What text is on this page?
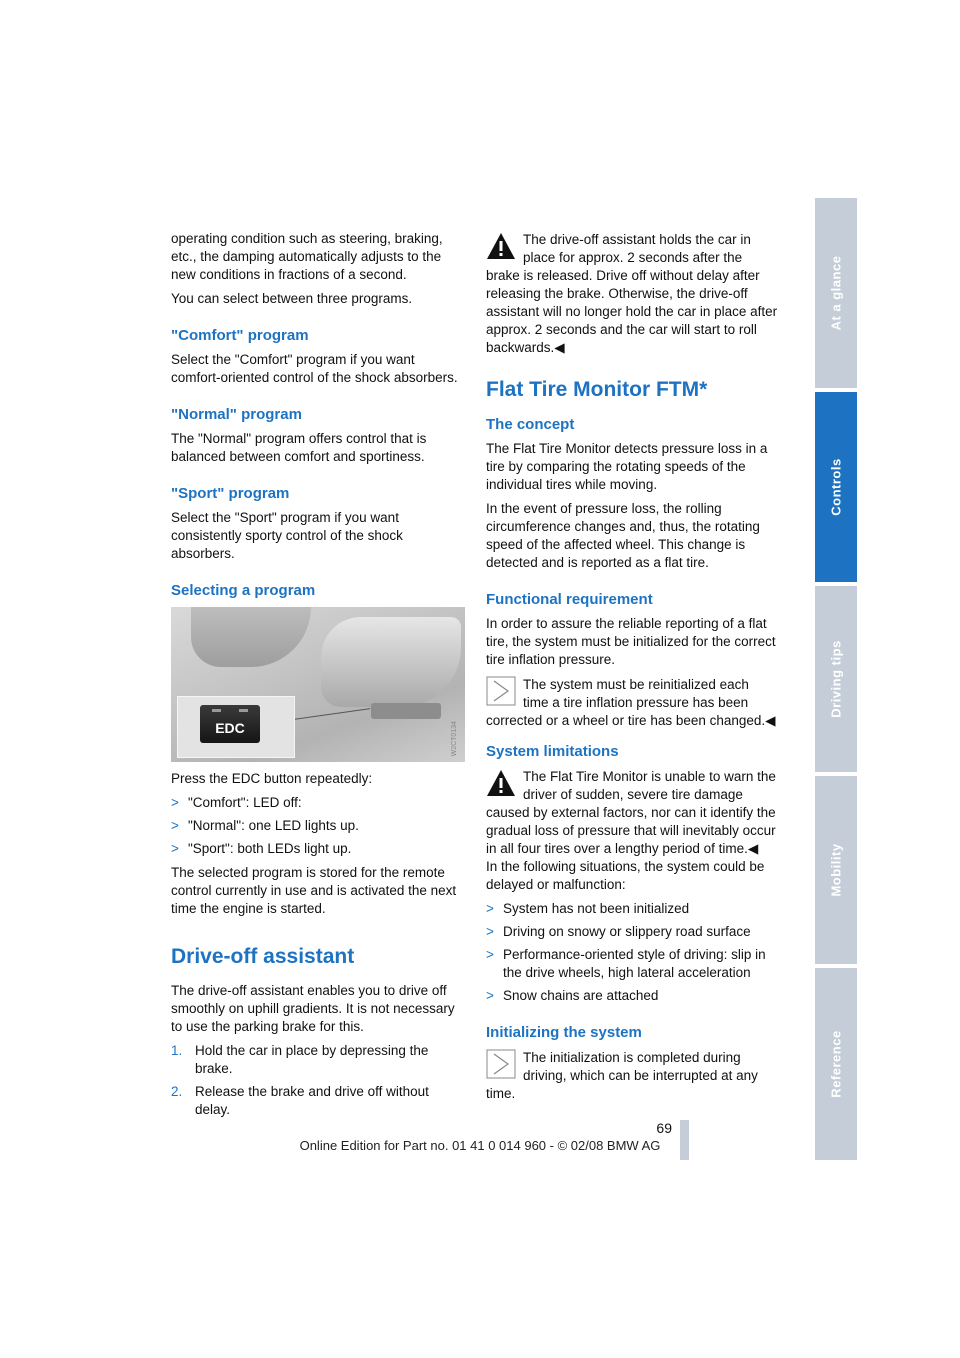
operating condition such as steering, braking, etc., the damping automatically adjusts to the new conditions in fractions of a second.

You can select between three programs.

"Comfort" program

Select the "Comfort" program if you want comfort-oriented control of the shock absorbers.

"Normal" program

The "Normal" program offers control that is balanced between comfort and sportiness.

"Sport" program

Select the "Sport" program if you want consistently sporty control of the shock absorbers.

Selecting a program
EDC	W2CT0134

Press the EDC button repeatedly:

> "Comfort": LED off:
> "Normal": one LED lights up.
> "Sport": both LEDs light up.

The selected program is stored for the remote control currently in use and is activated the next time the engine is started.

Drive-off assistant

The drive-off assistant enables you to drive off smoothly on uphill gradients. It is not necessary to use the parking brake for this.

1. Hold the car in place by depressing the brake.
2. Release the brake and drive off without delay.
The drive-off assistant holds the car in place for approx. 2 seconds after the brake is released. Drive off without delay after releasing the brake. Otherwise, the drive-off assistant will no longer hold the car in place after approx. 2 seconds and the car will start to roll backwards.◀
Flat Tire Monitor FTM*
The concept

The Flat Tire Monitor detects pressure loss in a tire by comparing the rotating speeds of the individual tires while moving.

In the event of pressure loss, the rolling circumference changes and, thus, the rotating speed of the affected wheel. This change is detected and is reported as a flat tire.

Functional requirement

In order to assure the reliable reporting of a flat tire, the system must be initialized for the correct tire inflation pressure.

The system must be reinitialized each time a tire inflation pressure has been corrected or a wheel or tire has been changed.◀
System limitations
The Flat Tire Monitor is unable to warn the driver of sudden, severe tire damage caused by external factors, nor can it identify the gradual loss of pressure that will inevitably occur in all four tires over a lengthy period of time.◀

In the following situations, the system could be delayed or malfunction:

> System has not been initialized
> Driving on snowy or slippery road surface
> Performance-oriented style of driving: slip in the drive wheels, high lateral acceleration
> Snow chains are attached
Initializing the system
The initialization is completed during driving, which can be interrupted at any time.
At a glance
Controls
Driving tips
Mobility
Reference
69
Online Edition for Part no. 01 41 0 014 960 - © 02/08 BMW AG
